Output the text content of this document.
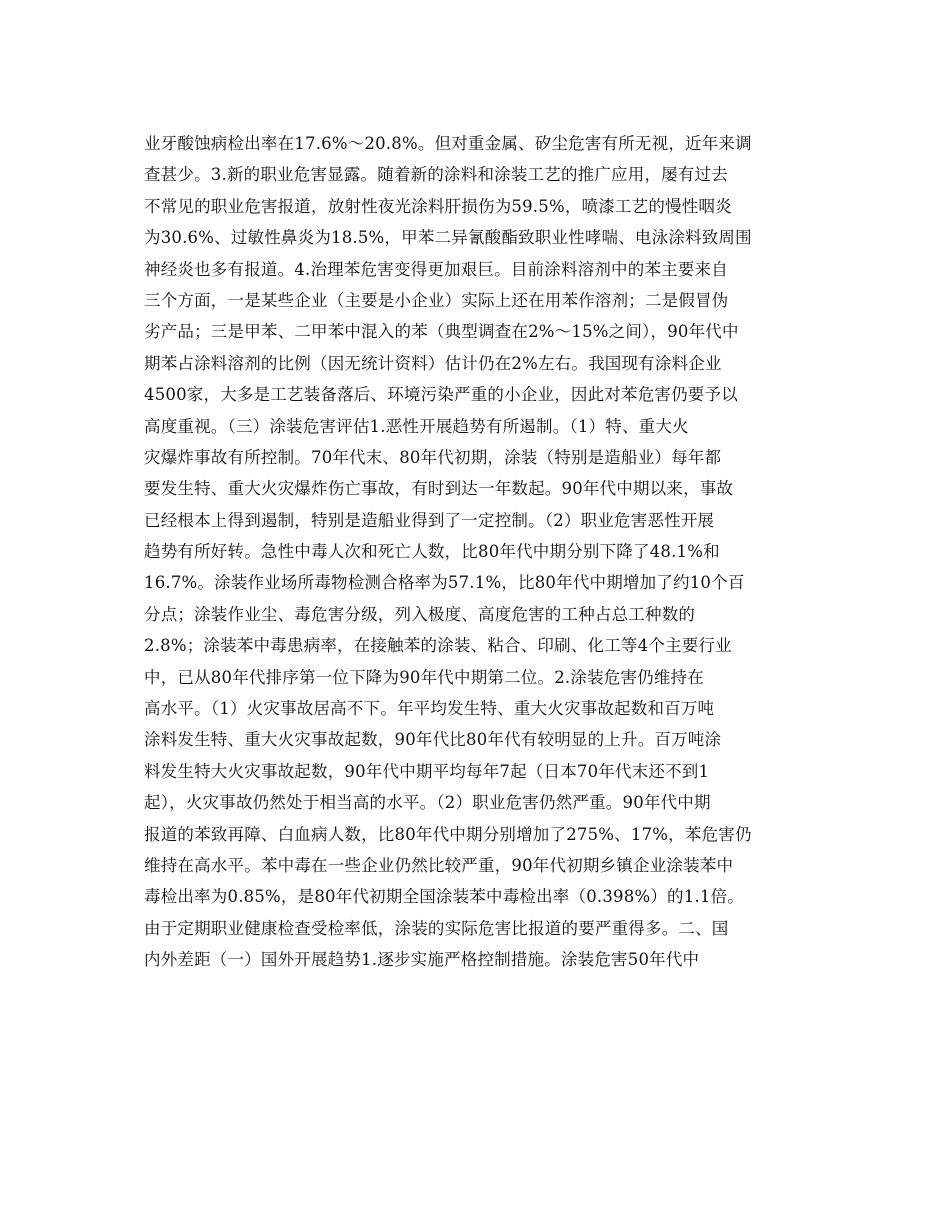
业牙酸蚀病检出率在17.6%～20.8%。但对重金属、矽尘危害有所无视，近年来调
查甚少。3.新的职业危害显露。随着新的涂料和涂装工艺的推广应用，屡有过去
不常见的职业危害报道，放射性夜光涂料肝损伤为59.5%，喷漆工艺的慢性咽炎
为30.6%、过敏性鼻炎为18.5%，甲苯二异氰酸酯致职业性哮喘、电泳涂料致周围
神经炎也多有报道。4.治理苯危害变得更加艰巨。目前涂料溶剂中的苯主要来自
三个方面，一是某些企业（主要是小企业）实际上还在用苯作溶剂；二是假冒伪
劣产品；三是甲苯、二甲苯中混入的苯（典型调查在2%～15%之间），90年代中
期苯占涂料溶剂的比例（因无统计资料）估计仍在2%左右。我国现有涂料企业
4500家，大多是工艺装备落后、环境污染严重的小企业，因此对苯危害仍要予以
高度重视。（三）涂装危害评估1.恶性开展趋势有所遏制。（1）特、重大火
灾爆炸事故有所控制。70年代末、80年代初期，涂装（特别是造船业）每年都
要发生特、重大火灾爆炸伤亡事故，有时到达一年数起。90年代中期以来，事故
已经根本上得到遏制，特别是造船业得到了一定控制。（2）职业危害恶性开展
趋势有所好转。急性中毒人次和死亡人数，比80年代中期分别下降了48.1%和
16.7%。涂装作业场所毒物检测合格率为57.1%，比80年代中期增加了约10个百
分点；涂装作业尘、毒危害分级，列入极度、高度危害的工种占总工种数的
2.8%；涂装苯中毒患病率，在接触苯的涂装、粘合、印刷、化工等4个主要行业
中，已从80年代排序第一位下降为90年代中期第二位。2.涂装危害仍维持在
高水平。（1）火灾事故居高不下。年平均发生特、重大火灾事故起数和百万吨
涂料发生特、重大火灾事故起数，90年代比80年代有较明显的上升。百万吨涂
料发生特大火灾事故起数，90年代中期平均每年7起（日本70年代末还不到1
起），火灾事故仍然处于相当高的水平。（2）职业危害仍然严重。90年代中期
报道的苯致再障、白血病人数，比80年代中期分别增加了275%、17%，苯危害仍
维持在高水平。苯中毒在一些企业仍然比较严重，90年代初期乡镇企业涂装苯中
毒检出率为0.85%，是80年代初期全国涂装苯中毒检出率（0.398%）的1.1倍。
由于定期职业健康检查受检率低，涂装的实际危害比报道的要严重得多。二、国
内外差距（一）国外开展趋势1.逐步实施严格控制措施。涂装危害50年代中
